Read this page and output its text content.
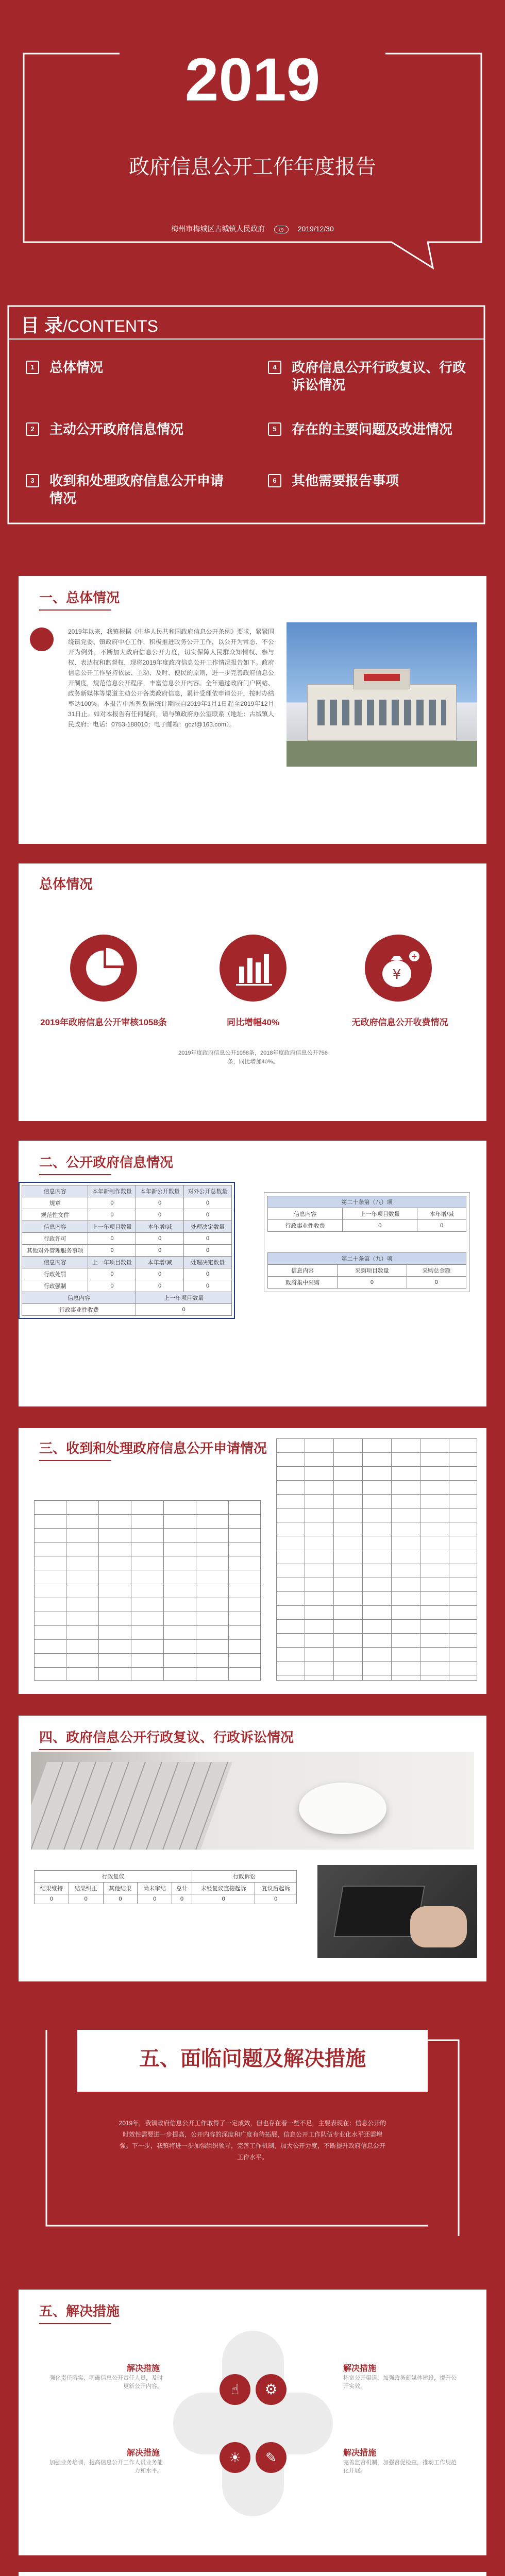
2019
政府信息公开工作年度报告
梅州市梅城区古城镇人民政府 ◷ 2019/12/30
目 录/CONTENTS
1	总体情况
2	主动公开政府信息情况
3	收到和处理政府信息公开申请情况
4	政府信息公开行政复议、行政诉讼情况
5	存在的主要问题及改进情况
6	其他需要报告事项
一、总体情况
2019年以来，我镇根据《中华人民共和国政府信息公开条例》要求，紧紧围绕镇党委、镇政府中心工作，积极推进政务公开工作，以公开为常态、不公开为例外，不断加大政府信息公开力度，切实保障人民群众知情权、参与权、表达权和监督权，现将2019年度政府信息公开工作情况报告如下。政府信息公开工作坚持依法、主动、及时、便民的原则，进一步完善政府信息公开制度，规范信息公开程序，丰富信息公开内容。全年通过政府门户网站、政务新媒体等渠道主动公开各类政府信息，累计受理依申请公开，按时办结率达100%。本报告中所列数据统计期限自2019年1月1日起至2019年12月31日止。如对本报告有任何疑问，请与镇政府办公室联系（地址：古城镇人民政府；电话：0753-188010；电子邮箱：gczf@163.com）。
总体情况
¥
+
2019年政府信息公开审核1058条	同比增幅40%	无政府信息公开收费情况
2019年度政府信息公开1058条，2018年度政府信息公开756条，同比增加40%。
二、公开政府信息情况
信息内容	本年新制作数量	本年新公开数量	对外公开总数量
规章	0	0	0
规范性文件	0	0	0
信息内容	上一年项目数量	本年增/减	处理决定数量
行政许可	0	0	0
其他对外管理服务事项	0	0	0
信息内容	上一年项目数量	本年增/减	处理决定数量
行政处罚	0	0	0
行政强制	0	0	0
信息内容		上一年项目数量	
行政事业性收费		0	
第二十条第（八）项		
信息内容	上一年项目数量	本年增/减
行政事业性收费	0	0
第二十条第（九）项		
信息内容	采购项目数量	采购总金额
政府集中采购	0	0
三、收到和处理政府信息公开申请情况
四、政府信息公开行政复议、行政诉讼情况
行政复议					行政诉讼	
结果维持	结果纠正	其他结果	尚未审结	总计	未经复议直接起诉	复议后起诉
0	0	0	0	0	0	0
五、面临问题及解决措施
2019年，我镇政府信息公开工作取得了一定成效，但也存在着一些不足，主要表现在：信息公开的时效性需要进一步提高，公开内容的深度和广度有待拓展，信息公开工作队伍专业化水平还需增强。下一步，我镇将进一步加强组织领导，完善工作机制，加大公开力度，不断提升政府信息公开工作水平。
五、解决措施
☝	⚙
☀	✎
解决措施
强化责任落实，明确信息公开责任人员，及时更新公开内容。
解决措施
拓宽公开渠道，加强政务新媒体建设，提升公开实效。
解决措施
加强业务培训，提高信息公开工作人员业务能力和水平。
解决措施
完善监督机制，加强督促检查，推动工作规范化开展。
